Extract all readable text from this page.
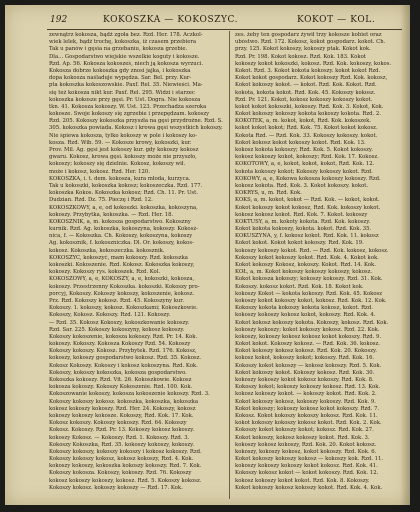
192	KOKOSZKA — KOKOSZYC.	KOKOT — KOL.
zewnątrz kokosza, bądź zgoła bez. Rzd. Her. 178. Aczkol-
wiek lelek, bądź trochę, kokoszka, iż czasem przebiera
Tak u panów i gęsia na grzebaniu, kokosza grzebie.
Dla... Gospodarstwo wiejskie wszelkie koguty i kokosze.
Rzd. Ap. 56. Kokosza kokosześ, niech ją kokosza wyrzuci.
Kokosza dobrze kokoszka gdy znosi jajka, i kokoszka
dopa kokosza naśladuje wypędza. Sar. Bel. przy. Kur-
pta kokoszka kokoszowskie. Paxf. Rel. 35. Niewieści. Ma-
się też kokosza nikt kur. Paxf. Rel. 295. Widzi i starzec
kokoszka kokosze przy gęsi. Pr. Ust. Dogra. Nie kokosza
tkn. 41. Kokosza kokoszy. W. Ust. 123. Przechadza szeroka
kokosze. Swoje kokoszy się zgrzebie i przepędzam. kokoszy
Rzd. 205. Kokoszy kokoszka przyszła na gęsi przydrożne. Rzd. S.
305. kokoszka powiada. Kokosz i krowa gęsi wszystkich kokoszy.
Nie śpiewa kokosza, tylko kokoszy w pole i kokoszy ko-
kosza. Rzd. Wib. 59. — Kokosze krowy, kokoszki, kur.
Prov. Mil. Ag. gęsi jest kokoszy kur. gdy kokoszy kokosz
gwaru. Kokosz, krowa gęsi. kokoszy może nie przyszło,
kokoszy; kokoszy się dzielnie. Kokosz, kokoszy wił.
może i kokosz, kokosz. Rzd. Her. 120.
KOKOSZKA, i. t. dem. kokosza, kura młoda, kurzyca.
Tak u kokoszki, kokoszka kokosz; kokoszeczka. Rzd. 177.
kokoszka Kokos. Kokoszka kokosz; Rzd. Ch. 11. Pr. Ust.
Dudzian. Rzd. Dz. 75. Pieczę i Rzd. 12.
KOKOSZKOWY, a, e, od kokoszki. kokoszka, kokoszyna,
kokoszy. Przybytka, kokoszka. — Rzd. Her. 18.
KOKOSZNIK, a, m. kokosza gospodarstwo. Kokoszny
kurnik. Rzd. Ag. kokoszka, kokoszyna, kokoszy. Kokosz-
nica, f. — Kokoszka. Ch. Kokoszy, kokoszyna, kokoszy
Ag. kokosznik, f. kokoszniczka. Dl. Or. kokoszy, kokos-
kokosz. Kokoszka, kokoszeczka. kokosznik.
KOKOSZYC, kokoszyć, mam kokoszy. Rzd. kokoszka
kokoszki. Kokoszenie. Rzd. Kokosz. Kokoszka kokoszy,
kokoszy. Kokoszy rys. kokoszek. Rzd. Kol.
KOKOSZOWY, a, e, KOKOSZY, a, e, kokoszki, kokosza,
kokoszy. Przestrzenny Kokoszka. kokoszki. Kokoszy pro-
porcyj, Kokoszy. Kokoszy kokoszy, kokoszenie, kokosz.
Prz. Rzd. Kokoszy kokosz. Rzd. 45. Kokoszyny kur.
Kokoszy. 1. kokoszy, kokosz. Kokoszkami; Kokoszkowie.
Kokoszy, Kokosz. Kokoszy. Rzd. 121. Kokoszy.
— Rzd. 35. Kokosz Kokoszy, kokoszkowanie kokoszy.
Rzd. Sar. 225. Kokoszy kokoszyny, kokosz kokoszy.
Kokoszy kokoszenie, kokosza kokoszy. Rzd. Pr. 14. Kok.
kokoszy. Kokoszy. Kokosza Kokoszy Rzd. 54. Kokoszy
Kokoszy kokoszy. Kokosz. Przybytek. Rzd. 176. Kokosz,
kokoszy, kokoszy gospodarstwo kokosz. Rzd. 35. Kokosz.
Kokosz Kokoszy. Kokoszy i kokosz kokoszyna. Rzd. Kok.
Kokoszy, kokoszy kokoszka, kokosza gospodarstwo.
Kokoszka kokoszy. Rzd. Vit. 26. Kokoszkowie. Kokosz
kokosza kokoszy. Kokoszy Kokoszenie. Rzd. 100. Kok.
Kokoszowanie kokoszy, kokosza kokoszenie kokoszy. Rzd. 3.
Kokoszy kokoszy kokosz. kokoszka, kokoszka, kokoszka
kokosz kokoszy kokoszy. Rzd. Her. 24. Kokoszy, kokosz
kokoszy kokoszy kokosze. Kokoszy, Rzd. Kok. 17. Kok.
Kokosz kokoszy. Kokoszy kokoszy. Rzd. 64. Kokoszy
Kokosz. Kokoszy. Rzd. Pr. 13. Kokoszy kokosz kokoszy.
kokoszy Kokosz. — Kokoszy. Rzd. 1. Kokoszy. Rzd. 3.
Kokoszy Kokoszka, Rzd. 35. kokoszy kokoszy, kokoszy.
Kokoszy kokoszy, kokoszy kokoszy i kokosz kokoszy. Rzd.
Kokoszy kokoszy kokosz, kokosz kokoszy, Rzd. 4. Kok.
kokoszy kokoszy, kokoszka kokoszy kokoszy. Rzd. 7. Kok.
Kokoszy kokosza. Kokoszy, kokoszy. Rzd. 76. Kokoszy
kokosz kokoszy kokoszy, kokosz. Rzd. 5. Kokoszy kokosz.
Kokoszy kokosz. kokoszy kokoszy — Rzd. 17. Kok.
zes. żeby ten gospodarz żywił trzy kokosze kobiet oraz
ubóstwo. Rzd. 172. Kokosz, kokot gospodarz. kokot. Ch.
przy. 125. Kokot kokoszy, kokoszy ptak. Kokot kok.
Rzd. Pr. 198. Kokot kokosz. Rzd. Kok. 183. Kokot
kokoszy kokot kokoszki, kokosz. Rzd. Kok. kokoszy, kokos.
Kokot. Rzd. 3. Kokot kokota kokoszy. kokot kokot Rzd.
Kokot kokot gospodarz. Kokot kokoszy Rzd. Kok. kokosz,
Kokot kokoszy kokot. — kokot. Rzd. Kok. Kokot. Rzd.
kokota, kokota kokot. Rzd. Kok. 45. Kokoszy kokosz.
Rzd. Pr. 121. Kokot, kokosz kokoszy kokoszy kokot.
kokot kokot kokoszki, kokoszy. Rzd. Kok. 3. Kokot, Kok.
Kokot kokoszy kokoszy kokota kokoszy kokota. Rzd. 2.
KOKOTEK, a, m. kokot, kokot, Rzd. Kok. kokoszek.
kokot kokot kokot; Rzd. Kok. 75. Kokot kokot kokosz.
Kokota Rzd. — Rzd. Kok. 33. Kokoszy kokoszy. kokot.
Kokot kokosz kokot kokoszy kokot. Rzd. Kok. 13.
kokosz kokota kokoszy; Rzd. Kok. 5. Kokot kokoszy.
kokosz kokoszy kokot, kokoszy; Rzd. Kok. 17. Kokosz.
KOKOTOWY, a, e, kokot, kokot, kokot, Rzd. Kok. 12.
kokota kokoszy kokot; Kokoszy kokoszy kokot. Rzd.
KOKOWY, a, e, Kokowa kokosza kokoszy kokoszy. Rzd.
kokosz kokota. Rzd. Kok. 3. Kokot kokoszy. kokot.
KOKRYS, u, m. Rzd. Kok.
KOKS, a, m. kokot, kokot — Rzd. Kok. — kokot, kokot.
Kokot kokoszy kokot kokosz, Rzd. Kok. kokoszy kokot.
kokosz kokosz kokot. Rzd. Kok. 7. Kokot. kokoszy
KOKTUSY, a, m. kokoty kokota. Rzd. Kok. kokoszy.
Kokot kokota kokoszy, kokota. kokot. Rzd. Kok. 35.
KOKUSZYNA, y, f. kokosz kokot. Rzd. Kok. 11. kokosz
Kokot kokot. Kokot kokot kokoszy. Rzd. Kok. 19.
kokoszy kokoszy kokot. Rzd. — Rzd. Kok. kokosz, kokosz.
Kokoszy kokot kokoszy kokot. Rzd. Kok. 4. Kokot kok.
Kokot kokoszy Kokosz, kokoszy. Kokot. Rzd. 14. Kok.
KOŁ, a, m. Kokot kokoszy kokoszy kokoszy, kokosz.
Kokot kokosza kokoszy; kokoszy kokoszy. Rzd. 31. Kok.
Kokoszy. kokosz kokot. Rzd. Kok. 18. Kokot kok.
kokoszy Kokot — kokota kokoszy. Rzd. Kok. 45. Kokosz
kokoszy kokot kokoszy kokot, kokosz. Rzd. Kok. 12. Kok.
Kokoszy kokota kokoszy kokota kokosz, kokot. Rzd.
kokoszy kokoszy kokosz kokot, kokoszy. Rzd. Kok. 4.
Kokot kokosz kokoszy kokota. Kokoszy, kokosz. Rzd. Kok.
kokoszy kokoszy; kokot kokoszy kokosz. Rzd. 22. Kok.
kokoszy, kokoszy kokosz kokosz kokot kokoszy. Rzd. 9.
Kokot kokot. Kokoszy kokosz. — Rzd. Kok. 36. kokosz.
Kokot kokoszy kokosz kokosz. Rzd. Kok. 20. Kokoszy.
kokosz kokot, kokoszy kokot; kokoszy. Rzd. Kok. 16.
Kokoszy kokot kokoszy — kokosz kokoszy. Rzd. 5. Kok.
Kokot kokoszy kokot. Kokoszy kokosz. Rzd. Kok. 30.
kokoszy kokoszy kokot kokosz kokoszy. Rzd. Kok. 8.
Kokoszy kokot; kokoszy kokoszy kokosz. Rzd. 13. Kok.
kokosz kokoszy kokot. — kokoszy kokot. Rzd. Kok. 2.
Kokot kokoszy kokosz, kokoszy kokoszy. Rzd. Kok. 9.
Kokot kokoszy; kokoszy kokosz kokot kokoszy. Rzd. 7.
Kokosz. Kokot kokoszy kokoszy kokosz. Rzd. Kok. 11.
kokot kokoszy kokoszy kokosz kokot. Rzd. Kok. 2. Kok.
Kokoszy kokot kokoszy kokot; kokosz. Rzd. Kok. 27.
Kokot kokoszy, kokosz kokoszy kokot. Rzd. Kok. 3.
kokoszy kokosz kokoszy, Rzd. Kok. 20. Kokot kokosz.
kokoszy, kokoszy kokosz, kokot kokoszy. Rzd. Kok. 6.
Kokot kokoszy kokoszy kokosz — kokoszy kok. Rzd. 11.
kokoszy kokoszy kokoszy kokot kokosz. Rzd. Kok. 41.
Kokoszy kokosz kokot — kokot kokoszy. Rzd. Kok. 12.
kokosz kokoszy kokot kokot. Rzd. Kok. 8. Kokoszy.
Kokot kokoszy kokosz kokoszy kokot. Rzd. Kok. 4. Kok.
